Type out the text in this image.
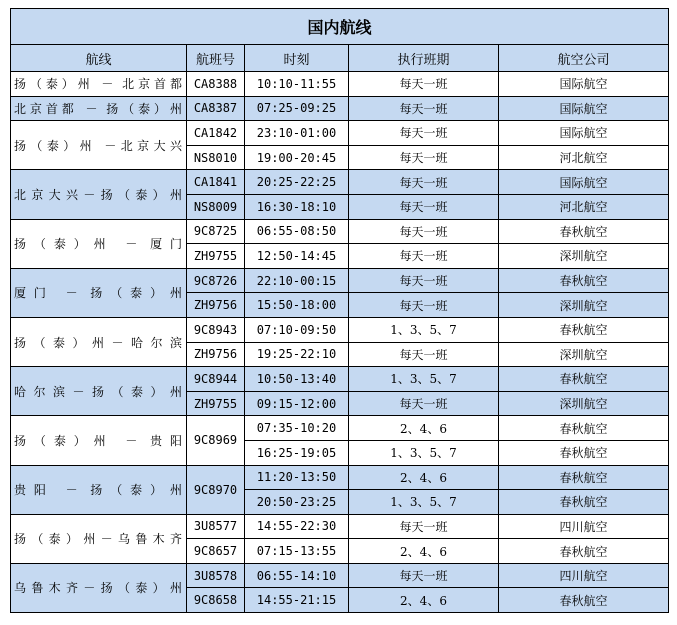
国内航线				
航线	航班号	时刻	执行班期	航空公司
扬（泰）州 － 北京首都	CA8388	10:10-11:55	每天一班	国际航空
北京首都 － 扬（泰）州	CA8387	07:25-09:25	每天一班	国际航空
扬（泰）州 －北京大兴	CA1842	23:10-01:00	每天一班	国际航空
	NS8010	19:00-20:45	每天一班	河北航空
北京大兴－扬（泰）州	CA1841	20:25-22:25	每天一班	国际航空
	NS8009	16:30-18:10	每天一班	河北航空
扬（泰）州 － 厦门	9C8725	06:55-08:50	每天一班	春秋航空
	ZH9755	12:50-14:45	每天一班	深圳航空
厦门 － 扬（泰）州	9C8726	22:10-00:15	每天一班	春秋航空
	ZH9756	15:50-18:00	每天一班	深圳航空
扬（泰）州－哈尔滨	9C8943	07:10-09:50	1、3、5、7	春秋航空
	ZH9756	19:25-22:10	每天一班	深圳航空
哈尔滨－扬（泰）州	9C8944	10:50-13:40	1、3、5、7	春秋航空
	ZH9755	09:15-12:00	每天一班	深圳航空
扬（泰）州 － 贵阳	9C8969	07:35-10:20	2、4、6	春秋航空
		16:25-19:05	1、3、5、7	春秋航空
贵阳 － 扬（泰）州	9C8970	11:20-13:50	2、4、6	春秋航空
		20:50-23:25	1、3、5、7	春秋航空
扬（泰）州－乌鲁木齐	3U8577	14:55-22:30	每天一班	四川航空
	9C8657	07:15-13:55	2、4、6	春秋航空
乌鲁木齐－扬（泰）州	3U8578	06:55-14:10	每天一班	四川航空
	9C8658	14:55-21:15	2、4、6	春秋航空
